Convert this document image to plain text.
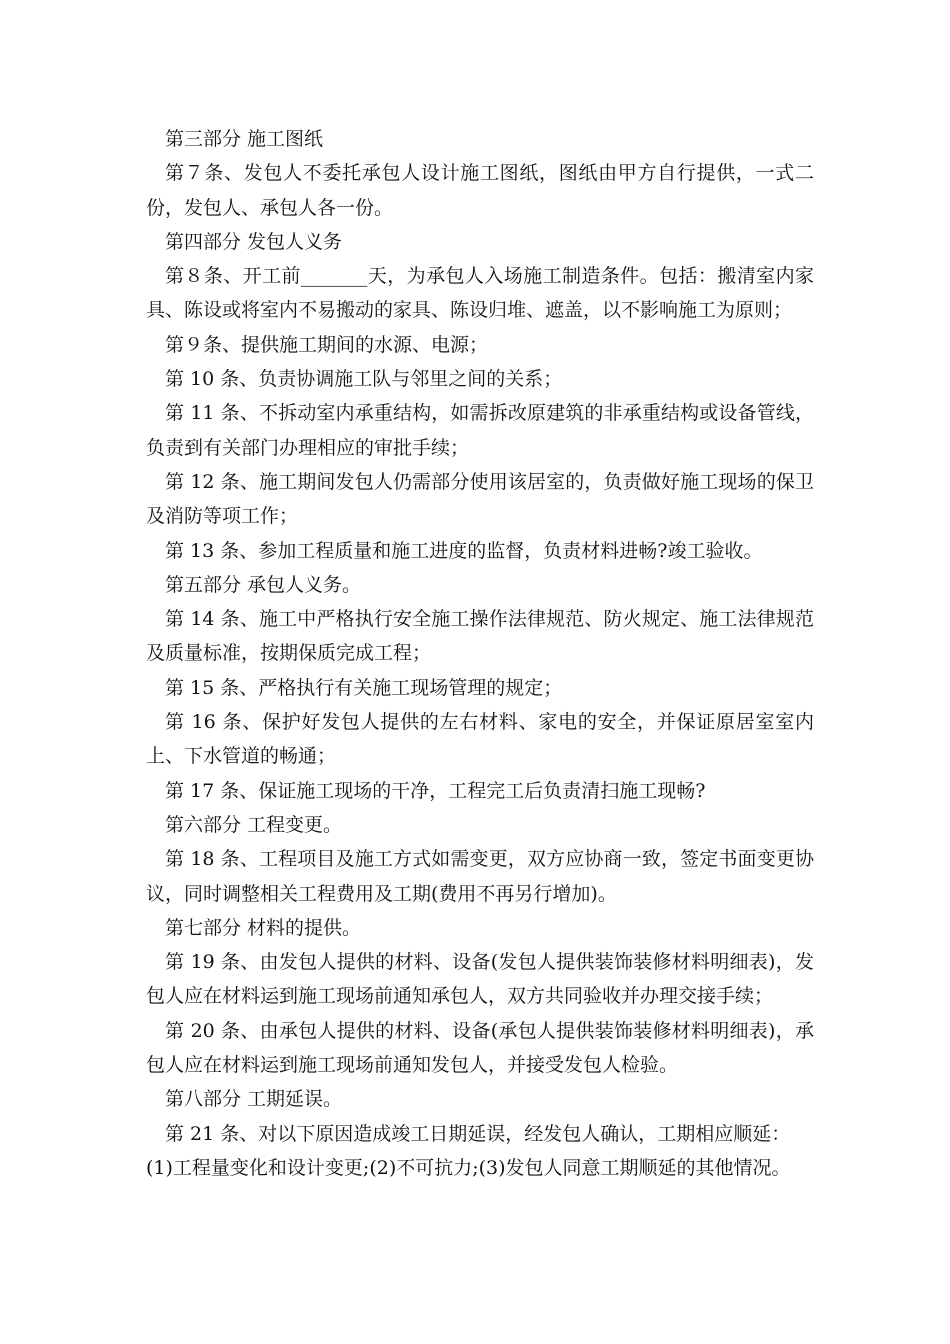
第三部分 施工图纸

第７条、发包人不委托承包人设计施工图纸，图纸由甲方自行提供，一式二份，发包人、承包人各一份。

第四部分 发包人义务

第８条、开工前_______天，为承包人入场施工制造条件。包括：搬清室内家具、陈设或将室内不易搬动的家具、陈设归堆、遮盖，以不影响施工为原则；

第９条、提供施工期间的水源、电源；

第 10 条、负责协调施工队与邻里之间的关系；

第 11 条、不拆动室内承重结构，如需拆改原建筑的非承重结构或设备管线，负责到有关部门办理相应的审批手续；

第 12 条、施工期间发包人仍需部分使用该居室的，负责做好施工现场的保卫及消防等项工作；

第 13 条、参加工程质量和施工进度的监督，负责材料进畅?竣工验收。

第五部分 承包人义务。

第 14 条、施工中严格执行安全施工操作法律规范、防火规定、施工法律规范及质量标准，按期保质完成工程；

第 15 条、严格执行有关施工现场管理的规定；

第 16 条、保护好发包人提供的左右材料、家电的安全，并保证原居室室内上、下水管道的畅通；

第 17 条、保证施工现场的干净，工程完工后负责清扫施工现畅?

第六部分 工程变更。

第 18 条、工程项目及施工方式如需变更，双方应协商一致，签定书面变更协议，同时调整相关工程费用及工期(费用不再另行增加)。

第七部分 材料的提供。

第 19 条、由发包人提供的材料、设备(发包人提供装饰装修材料明细表)，发包人应在材料运到施工现场前通知承包人，双方共同验收并办理交接手续；

第 20 条、由承包人提供的材料、设备(承包人提供装饰装修材料明细表)，承包人应在材料运到施工现场前通知发包人，并接受发包人检验。

第八部分 工期延误。

第 21 条、对以下原因造成竣工日期延误，经发包人确认，工期相应顺延：

(1)工程量变化和设计变更;(2)不可抗力;(3)发包人同意工期顺延的其他情况。
